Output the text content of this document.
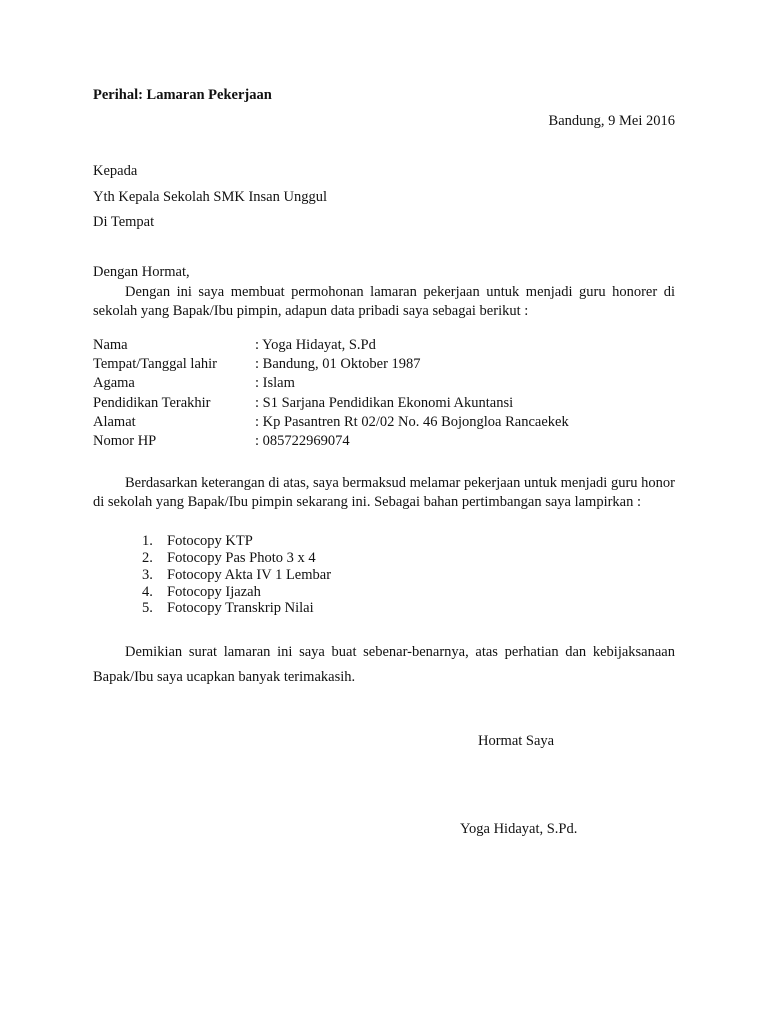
Perihal: Lamaran Pekerjaan
Bandung, 9 Mei 2016
Kepada
Yth Kepala Sekolah SMK Insan Unggul
Di Tempat
Dengan Hormat,
Dengan ini saya membuat permohonan lamaran pekerjaan untuk menjadi guru honorer di sekolah yang Bapak/Ibu pimpin, adapun data pribadi saya sebagai berikut :
Nama	: Yoga Hidayat, S.Pd
Tempat/Tanggal lahir	: Bandung, 01 Oktober 1987
Agama	: Islam
Pendidikan Terakhir	: S1 Sarjana Pendidikan Ekonomi Akuntansi
Alamat	: Kp Pasantren Rt 02/02 No. 46 Bojongloa Rancaekek
Nomor HP	: 085722969074
Berdasarkan keterangan di atas, saya bermaksud melamar pekerjaan untuk menjadi guru honor di sekolah yang Bapak/Ibu pimpin sekarang ini. Sebagai bahan pertimbangan saya lampirkan :
1. Fotocopy KTP
2. Fotocopy Pas Photo 3 x 4
3. Fotocopy Akta IV 1 Lembar
4. Fotocopy Ijazah
5. Fotocopy Transkrip Nilai
Demikian surat lamaran ini saya buat sebenar-benarnya, atas perhatian dan kebijaksanaan Bapak/Ibu saya ucapkan banyak terimakasih.
Hormat Saya
Yoga Hidayat, S.Pd.
